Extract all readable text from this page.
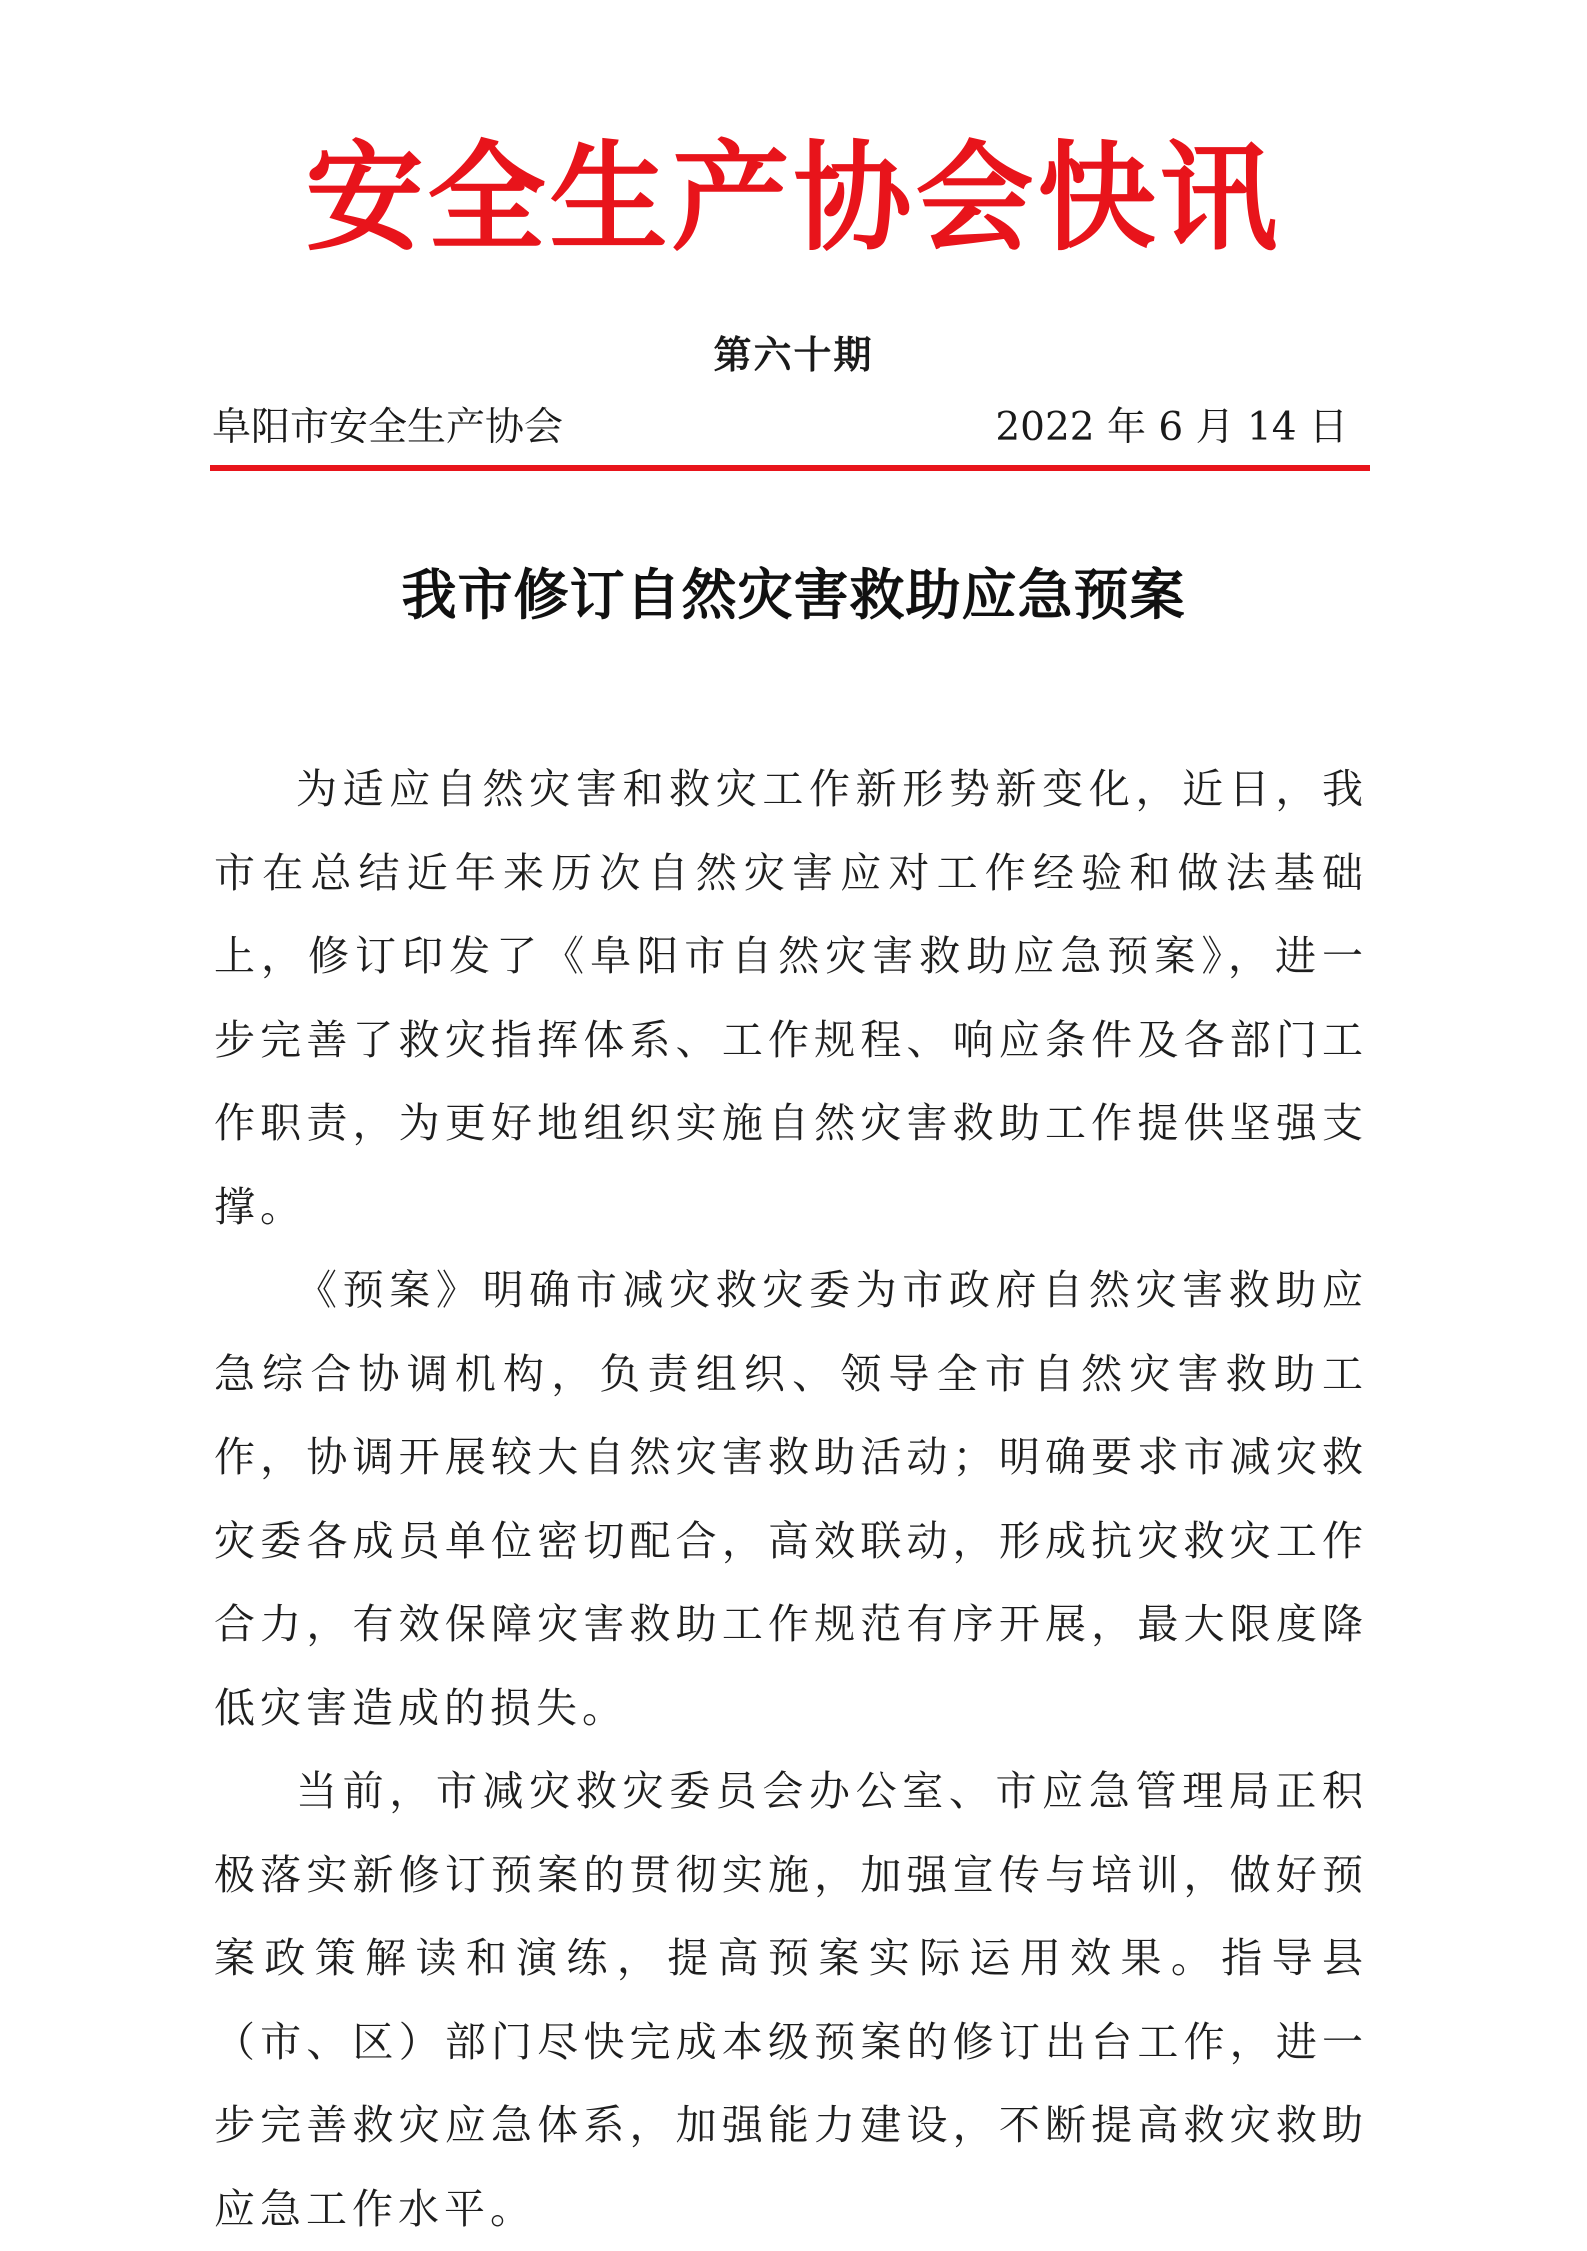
安全生产协会快讯
第六十期
阜阳市安全生产协会	2022 年 6 月 14 日
我市修订自然灾害救助应急预案

为适应自然灾害和救灾工作新形势新变化，近日，我市在总结近年来历次自然灾害应对工作经验和做法基础上，修订印发了《阜阳市自然灾害救助应急预案》，进一步完善了救灾指挥体系、工作规程、响应条件及各部门工作职责，为更好地组织实施自然灾害救助工作提供坚强支撑。

《预案》明确市减灾救灾委为市政府自然灾害救助应急综合协调机构，负责组织、领导全市自然灾害救助工作，协调开展较大自然灾害救助活动；明确要求市减灾救灾委各成员单位密切配合，高效联动，形成抗灾救灾工作合力，有效保障灾害救助工作规范有序开展，最大限度降低灾害造成的损失。

当前，市减灾救灾委员会办公室、市应急管理局正积极落实新修订预案的贯彻实施，加强宣传与培训，做好预案政策解读和演练，提高预案实际运用效果。指导县（市、区）部门尽快完成本级预案的修订出台工作，进一步完善救灾应急体系，加强能力建设，不断提高救灾救助应急工作水平。
